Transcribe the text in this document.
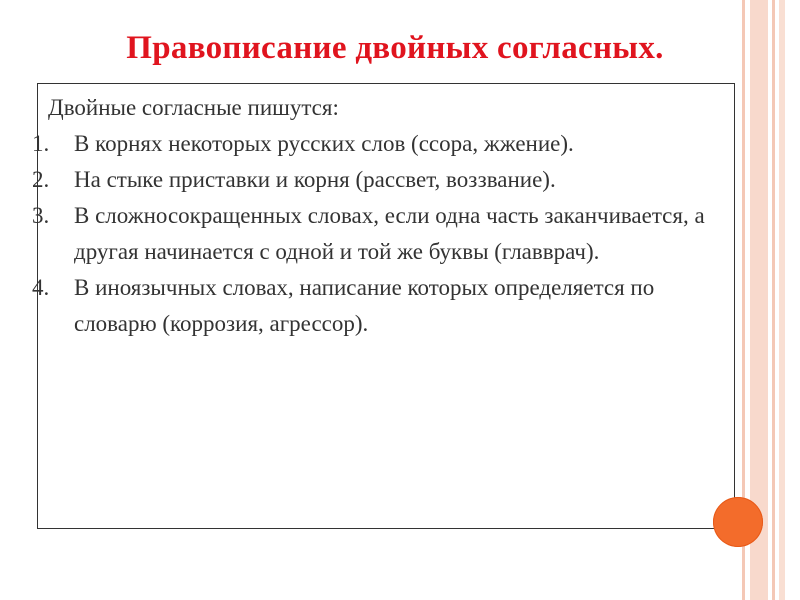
Правописание двойных согласных.
Двойные согласные пишутся:
1. В корнях некоторых русских слов (ссора, жжение).
2. На стыке приставки и корня (рассвет, воззвание).
3. В сложносокращенных словах, если одна часть заканчивается, а другая начинается с одной и той же буквы (главврач).
4. В иноязычных словах, написание которых определяется по словарю (коррозия, агрессор).
